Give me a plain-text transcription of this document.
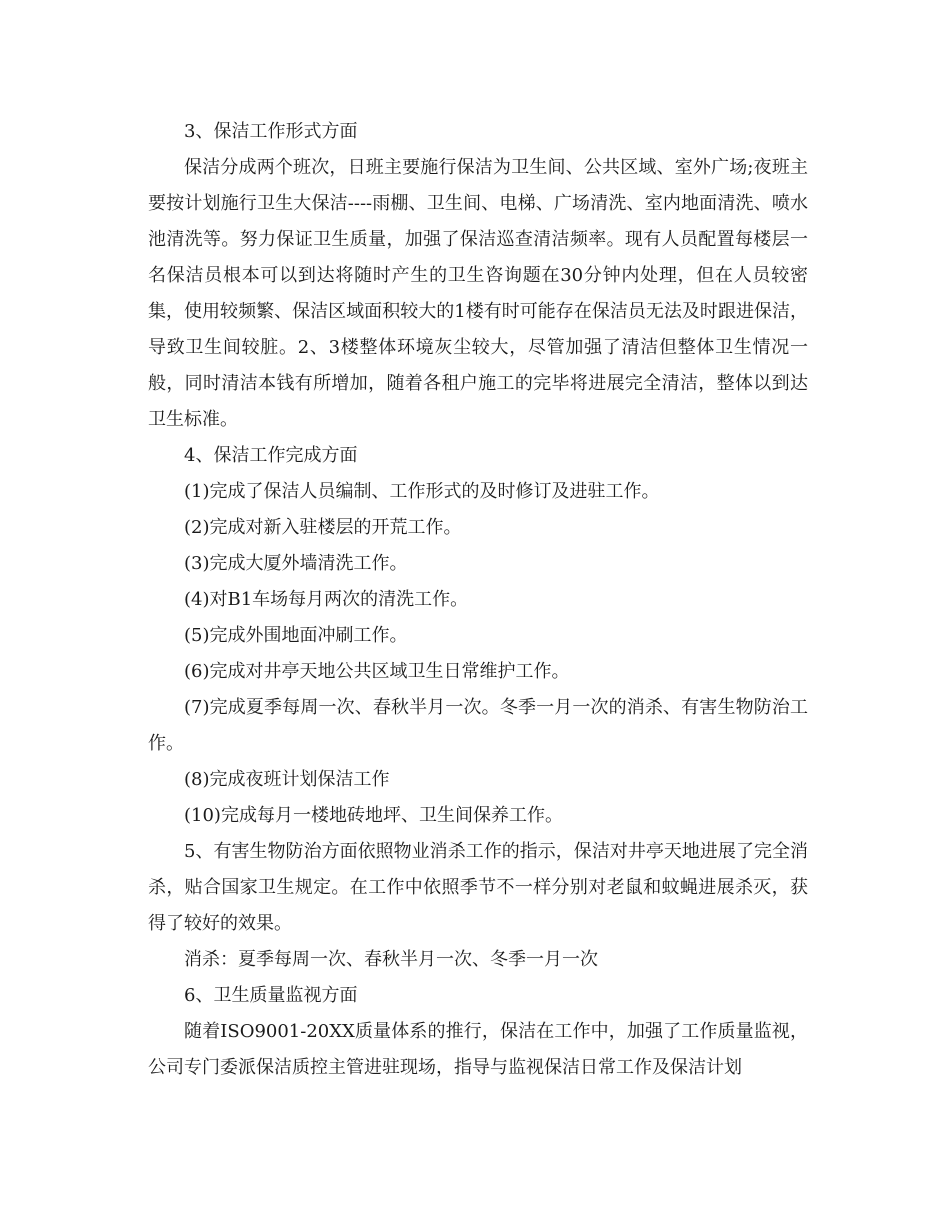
3、保洁工作形式方面

保洁分成两个班次，日班主要施行保洁为卫生间、公共区域、室外广场;夜班主要按计划施行卫生大保洁----雨棚、卫生间、电梯、广场清洗、室内地面清洗、喷水池清洗等。努力保证卫生质量，加强了保洁巡查清洁频率。现有人员配置每楼层一名保洁员根本可以到达将随时产生的卫生咨询题在30分钟内处理，但在人员较密集，使用较频繁、保洁区域面积较大的1楼有时可能存在保洁员无法及时跟进保洁，导致卫生间较脏。2、3楼整体环境灰尘较大，尽管加强了清洁但整体卫生情况一般，同时清洁本钱有所增加，随着各租户施工的完毕将进展完全清洁，整体以到达卫生标准。

4、保洁工作完成方面

(1)完成了保洁人员编制、工作形式的及时修订及进驻工作。

(2)完成对新入驻楼层的开荒工作。

(3)完成大厦外墙清洗工作。

(4)对B1车场每月两次的清洗工作。

(5)完成外围地面冲刷工作。

(6)完成对井亭天地公共区域卫生日常维护工作。

(7)完成夏季每周一次、春秋半月一次。冬季一月一次的消杀、有害生物防治工作。

(8)完成夜班计划保洁工作

(10)完成每月一楼地砖地坪、卫生间保养工作。

5、有害生物防治方面依照物业消杀工作的指示，保洁对井亭天地进展了完全消杀，贴合国家卫生规定。在工作中依照季节不一样分别对老鼠和蚊蝇进展杀灭，获得了较好的效果。

消杀：夏季每周一次、春秋半月一次、冬季一月一次

6、卫生质量监视方面

随着ISO9001-20XX质量体系的推行，保洁在工作中，加强了工作质量监视，公司专门委派保洁质控主管进驻现场，指导与监视保洁日常工作及保洁计划
